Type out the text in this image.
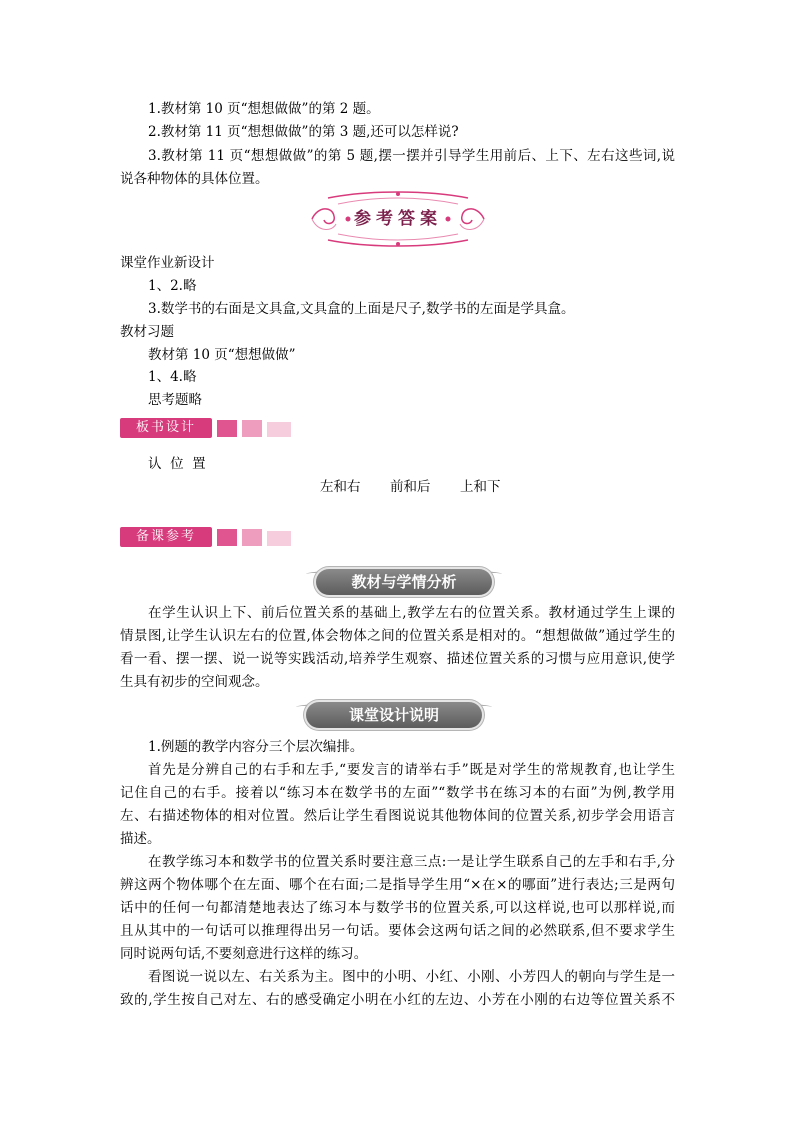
1.教材第 10 页“想想做做”的第 2 题。
2.教材第 11 页“想想做做”的第 3 题,还可以怎样说?
3.教材第 11 页“想想做做”的第 5 题,摆一摆并引导学生用前后、上下、左右这些词,说
说各种物体的具体位置。
参考答案
课堂作业新设计
1、2.略
3.数学书的右面是文具盒,文具盒的上面是尺子,数学书的左面是学具盒。
教材习题
教材第 10 页“想想做做”
1、4.略
思考题略
板书设计
认  位  置
左和右 前和后 上和下
备课参考
教材与学情分析
在学生认识上下、前后位置关系的基础上,教学左右的位置关系。教材通过学生上课的
情景图,让学生认识左右的位置,体会物体之间的位置关系是相对的。“想想做做”通过学生的
看一看、摆一摆、说一说等实践活动,培养学生观察、描述位置关系的习惯与应用意识,使学
生具有初步的空间观念。
课堂设计说明
1.例题的教学内容分三个层次编排。
首先是分辨自己的右手和左手,“要发言的请举右手”既是对学生的常规教育,也让学生
记住自己的右手。接着以“练习本在数学书的左面”“数学书在练习本的右面”为例,教学用
左、右描述物体的相对位置。然后让学生看图说说其他物体间的位置关系,初步学会用语言
描述。
在教学练习本和数学书的位置关系时要注意三点:一是让学生联系自己的左手和右手,分
辨这两个物体哪个在左面、哪个在右面;二是指导学生用“×在×的哪面”进行表达;三是两句
话中的任何一句都清楚地表达了练习本与数学书的位置关系,可以这样说,也可以那样说,而
且从其中的一句话可以推理得出另一句话。要体会这两句话之间的必然联系,但不要求学生
同时说两句话,不要刻意进行这样的练习。
看图说一说以左、右关系为主。图中的小明、小红、小刚、小芳四人的朝向与学生是一
致的,学生按自己对左、右的感受确定小明在小红的左边、小芳在小刚的右边等位置关系不
